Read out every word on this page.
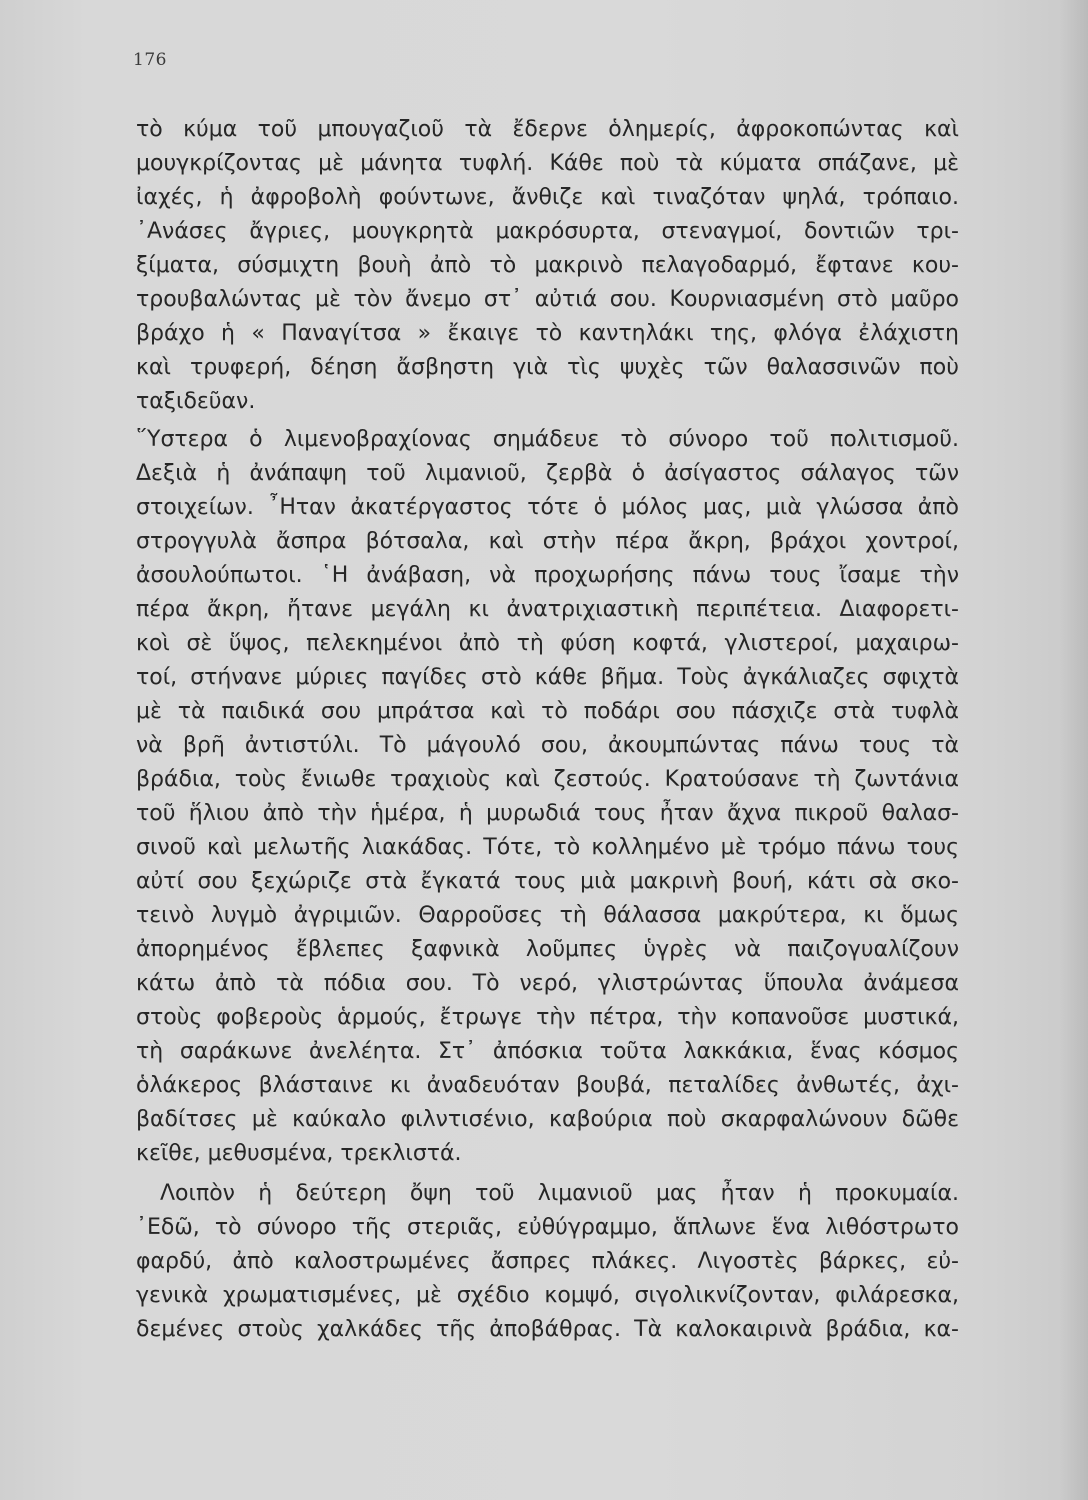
176
τὸ κύμα τοῦ μπουγαζιοῦ τὰ ἔδερνε ὁλημερίς, ἀφροκοπώντας καὶ
μουγκρίζοντας μὲ μάνητα τυφλή. Κάθε ποὺ τὰ κύματα σπάζανε, μὲ
ἰαχές, ἡ ἀφροβολὴ φούντωνε, ἄνθιζε καὶ τιναζόταν ψηλά, τρόπαιο.
᾿Ανάσες ἄγριες, μουγκρητὰ μακρόσυρτα, στεναγμοί, δοντιῶν τρι-
ξίματα, σύσμιχτη βουὴ ἀπὸ τὸ μακρινὸ πελαγοδαρμό, ἔφτανε κου-
τρουβαλώντας μὲ τὸν ἄνεμο στ᾿ αὐτιά σου. Κουρνιασμένη στὸ μαῦρο
βράχο ἡ « Παναγίτσα » ἔκαιγε τὸ καντηλάκι της, φλόγα ἐλάχιστη
καὶ τρυφερή, δέηση ἄσβηστη γιὰ τὶς ψυχὲς τῶν θαλασσινῶν ποὺ
ταξιδεῦαν.
῞Υστερα ὁ λιμενοβραχίονας σημάδευε τὸ σύνορο τοῦ πολιτισμοῦ.
Δεξιὰ ἡ ἀνάπαψη τοῦ λιμανιοῦ, ζερβὰ ὁ ἀσίγαστος σάλαγος τῶν
στοιχείων. ῏Ηταν ἀκατέργαστος τότε ὁ μόλος μας, μιὰ γλώσσα ἀπὸ
στρογγυλὰ ἄσπρα βότσαλα, καὶ στὴν πέρα ἄκρη, βράχοι χοντροί,
ἀσουλούπωτοι. ῾Η ἀνάβαση, νὰ προχωρήσης πάνω τους ἴσαμε τὴν
πέρα ἄκρη, ἤτανε μεγάλη κι ἀνατριχιαστικὴ περιπέτεια. Διαφορετι-
κοὶ σὲ ὕψος, πελεκημένοι ἀπὸ τὴ φύση κοφτά, γλιστεροί, μαχαιρω-
τοί, στήνανε μύριες παγίδες στὸ κάθε βῆμα. Τοὺς ἀγκάλιαζες σφιχτὰ
μὲ τὰ παιδικά σου μπράτσα καὶ τὸ ποδάρι σου πάσχιζε στὰ τυφλὰ
νὰ βρῆ ἀντιστύλι. Τὸ μάγουλό σου, ἀκουμπώντας πάνω τους τὰ
βράδια, τοὺς ἔνιωθε τραχιοὺς καὶ ζεστούς. Κρατούσανε τὴ ζωντάνια
τοῦ ἥλιου ἀπὸ τὴν ἡμέρα, ἡ μυρωδιά τους ἦταν ἄχνα πικροῦ θαλασ-
σινοῦ καὶ μελωτῆς λιακάδας. Τότε, τὸ κολλημένο μὲ τρόμο πάνω τους
αὐτί σου ξεχώριζε στὰ ἔγκατά τους μιὰ μακρινὴ βουή, κάτι σὰ σκο-
τεινὸ λυγμὸ ἀγριμιῶν. Θαρροῦσες τὴ θάλασσα μακρύτερα, κι ὅμως
ἀπορημένος ἔβλεπες ξαφνικὰ λοῦμπες ὑγρὲς νὰ παιζογυαλίζουν
κάτω ἀπὸ τὰ πόδια σου. Τὸ νερό, γλιστρώντας ὕπουλα ἀνάμεσα
στοὺς φοβεροὺς ἁρμούς, ἔτρωγε τὴν πέτρα, τὴν κοπανοῦσε μυστικά,
τὴ σαράκωνε ἀνελέητα. Στ᾿ ἀπόσκια τοῦτα λακκάκια, ἕνας κόσμος
ὁλάκερος βλάσταινε κι ἀναδευόταν βουβά, πεταλίδες ἀνθωτές, ἀχι-
βαδίτσες μὲ καύκαλο φιλντισένιο, καβούρια ποὺ σκαρφαλώνουν δῶθε
κεῖθε, μεθυσμένα, τρεκλιστά.
Λοιπὸν ἡ δεύτερη ὄψη τοῦ λιμανιοῦ μας ἦταν ἡ προκυμαία.
᾿Εδῶ, τὸ σύνορο τῆς στεριᾶς, εὐθύγραμμο, ἅπλωνε ἕνα λιθόστρωτο
φαρδύ, ἀπὸ καλοστρωμένες ἄσπρες πλάκες. Λιγοστὲς βάρκες, εὐ-
γενικὰ χρωματισμένες, μὲ σχέδιο κομψό, σιγολικνίζονταν, φιλάρεσκα,
δεμένες στοὺς χαλκάδες τῆς ἀποβάθρας. Τὰ καλοκαιρινὰ βράδια, κα-
